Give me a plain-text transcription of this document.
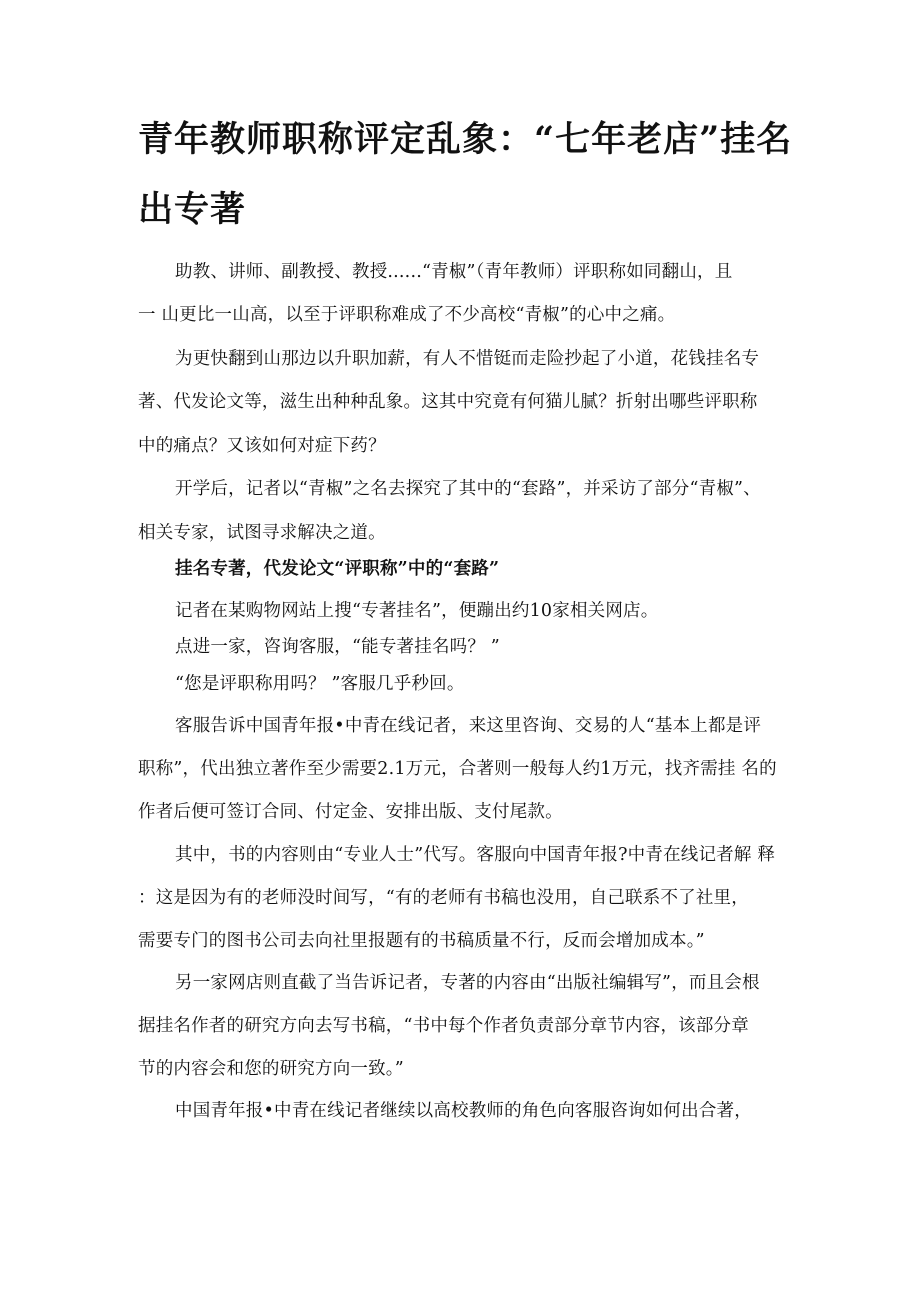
青年教师职称评定乱象：“七年老店”挂名
出专著
助教、讲师、副教授、教授......“青椒”（青年教师）评职称如同翻山，且
一 山更比一山高，以至于评职称难成了不少高校“青椒”的心中之痛。
为更快翻到山那边以升职加薪，有人不惜铤而走险抄起了小道，花钱挂名专
著、代发论文等，滋生出种种乱象。这其中究竟有何猫儿腻？折射出哪些评职称
中的痛点？又该如何对症下药？
开学后，记者以“青椒”之名去探究了其中的“套路”，并采访了部分“青椒”、
相关专家，试图寻求解决之道。
挂名专著，代发论文“评职称”中的“套路”
记者在某购物网站上搜“专著挂名”，便蹦出约10家相关网店。
点进一家，咨询客服，“能专著挂名吗？ ”
“您是评职称用吗？ ”客服几乎秒回。
客服告诉中国青年报•中青在线记者，来这里咨询、交易的人“基本上都是评
职称”，代出独立著作至少需要2.1万元，合著则一般每人约1万元，找齐需挂 名的
作者后便可签订合同、付定金、安排出版、支付尾款。
其中，书的内容则由“专业人士”代写。客服向中国青年报?中青在线记者解 释
：这是因为有的老师没时间写，“有的老师有书稿也没用，自己联系不了社里，
需要专门的图书公司去向社里报题有的书稿质量不行，反而会增加成本。”
另一家网店则直截了当告诉记者，专著的内容由“出版社编辑写”，而且会根
据挂名作者的研究方向去写书稿，“书中每个作者负责部分章节内容，该部分章
节的内容会和您的研究方向一致。”
中国青年报•中青在线记者继续以高校教师的角色向客服咨询如何出合著，
